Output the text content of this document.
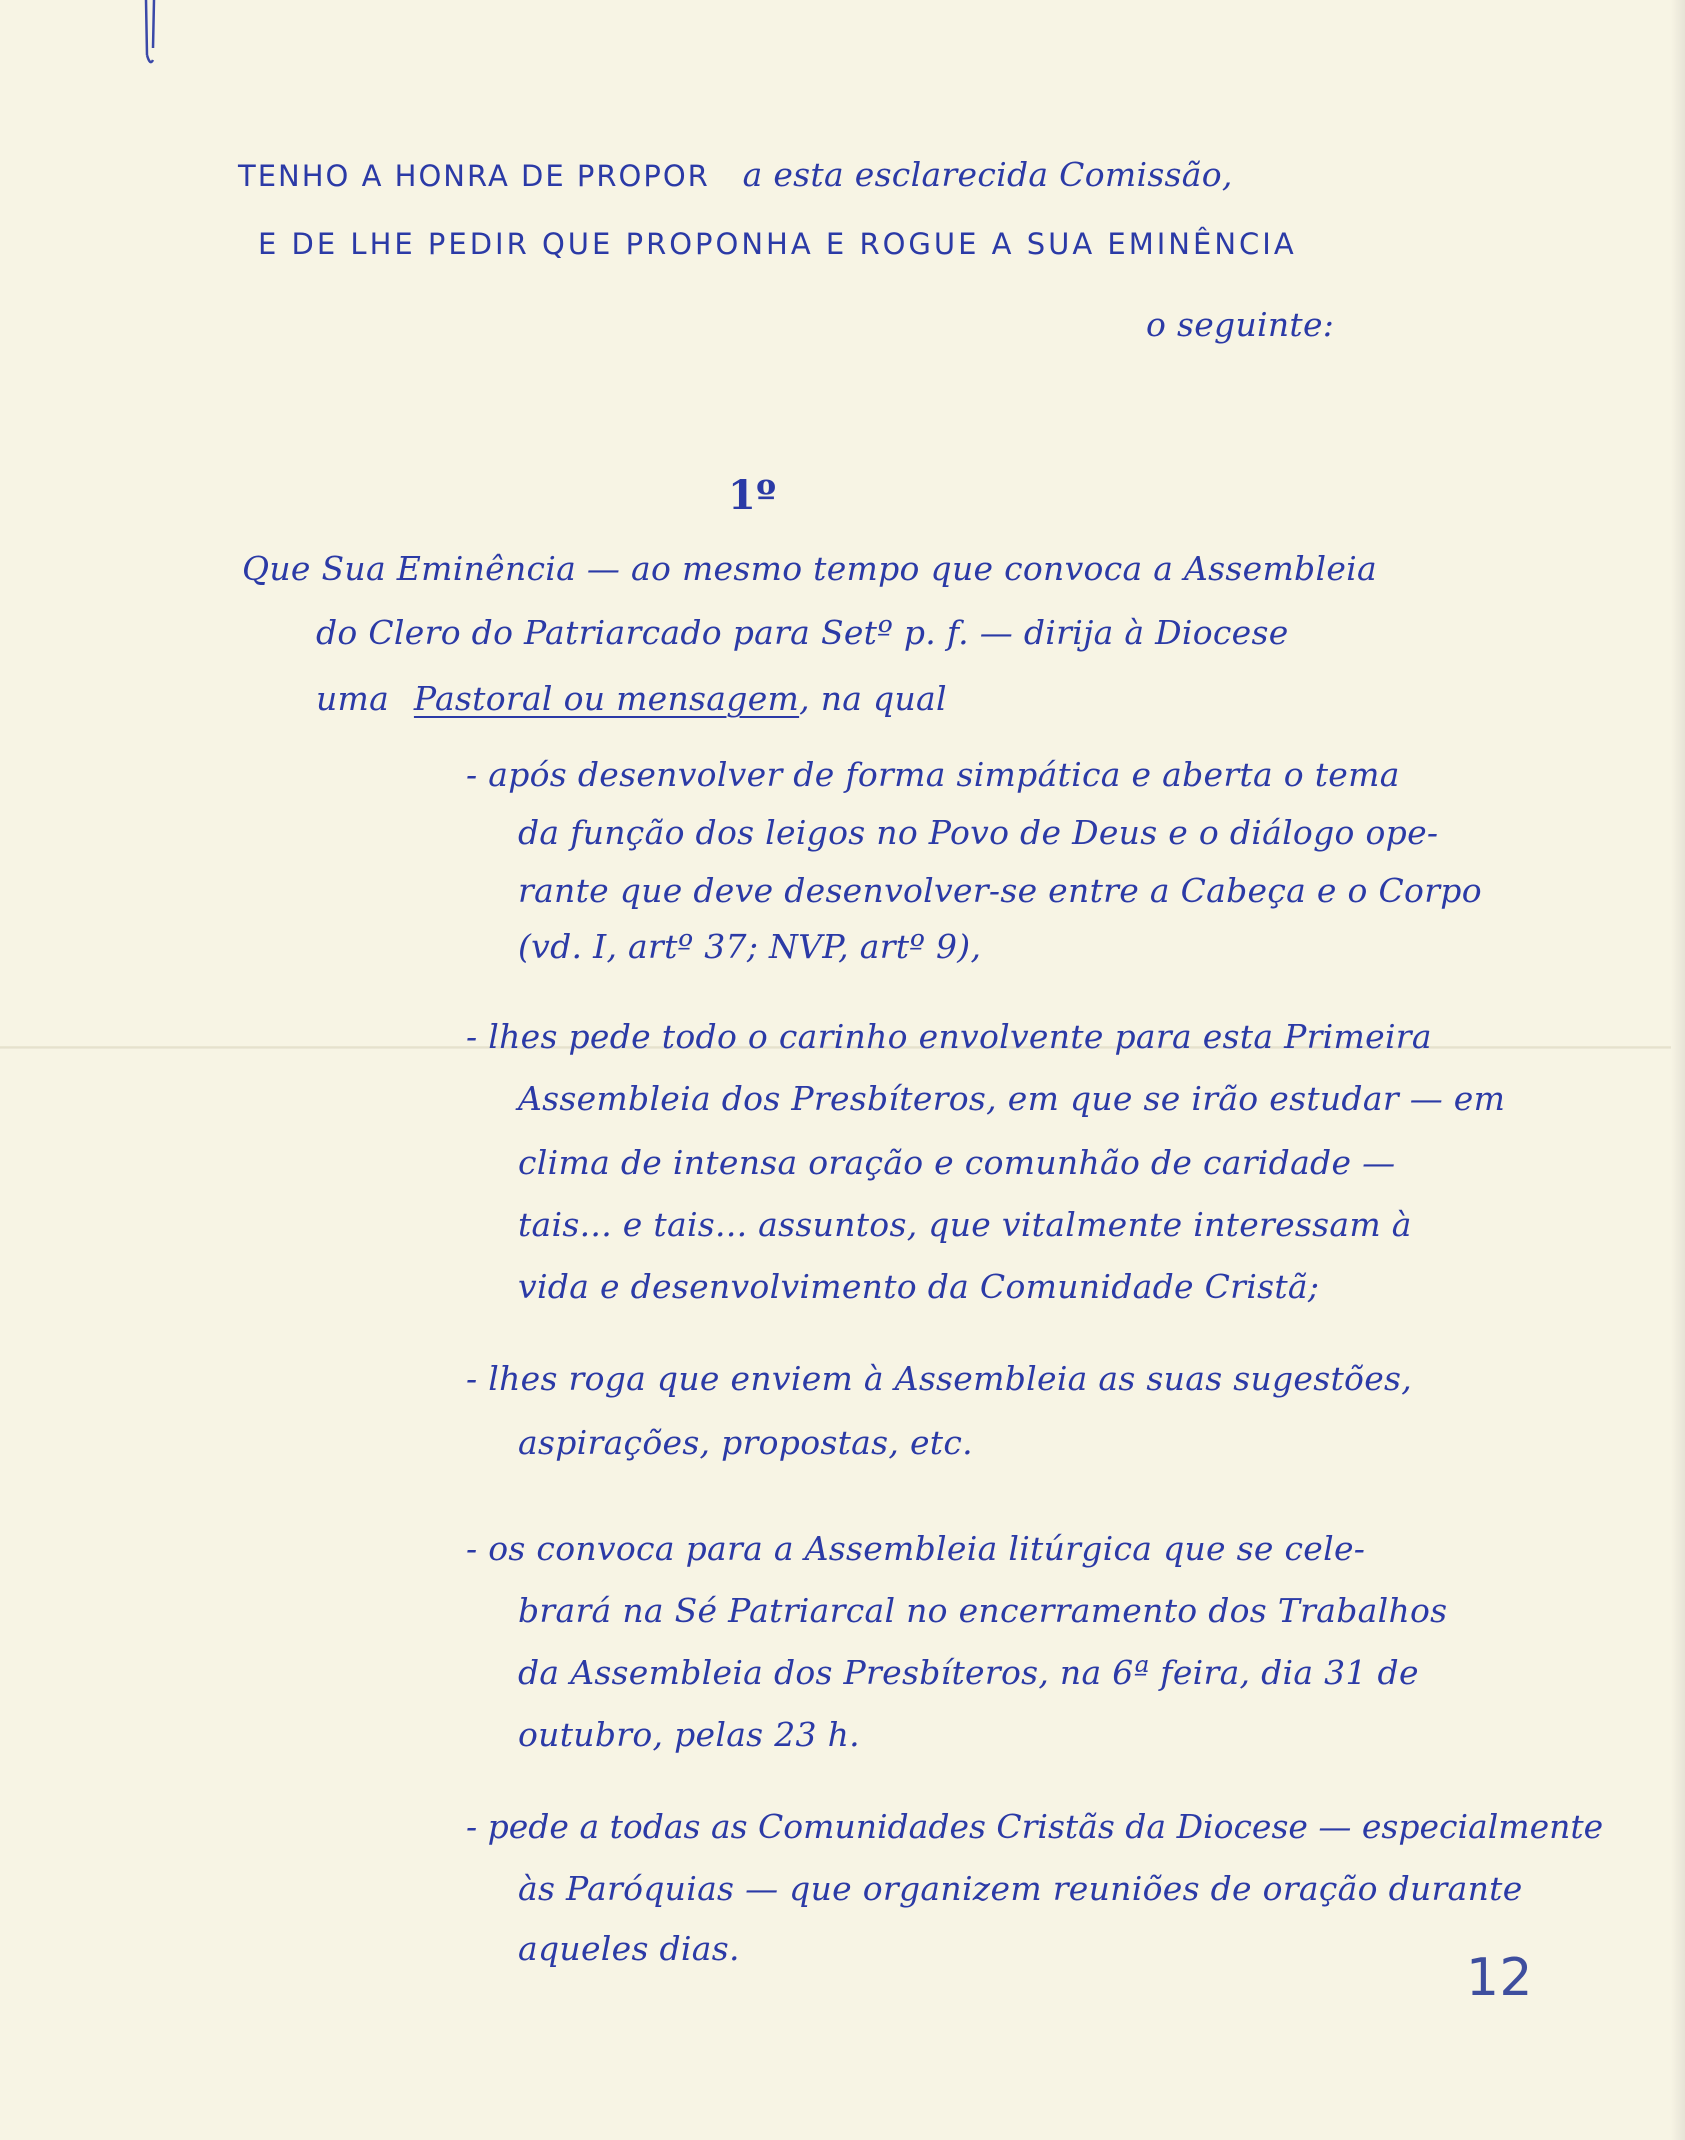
TENHO A HONRA DE PROPOR a esta esclarecida Comissão,

E DE LHE PEDIR QUE PROPONHA E ROGUE A SUA EMINÊNCIA

o seguinte:

1º

Que Sua Eminência — ao mesmo tempo que convoca a Assembleia

do Clero do Patriarcado para Setº p. f. — dirija à Diocese

uma Pastoral ou mensagem, na qual

- após desenvolver de forma simpática e aberta o tema

da função dos leigos no Povo de Deus e o diálogo ope-

rante que deve desenvolver-se entre a Cabeça e o Corpo

(vd. I, artº 37; NVP, artº 9),

- lhes pede todo o carinho envolvente para esta Primeira

Assembleia dos Presbíteros, em que se irão estudar — em

clima de intensa oração e comunhão de caridade —

tais... e tais... assuntos, que vitalmente interessam à

vida e desenvolvimento da Comunidade Cristã;

- lhes roga que enviem à Assembleia as suas sugestões,

aspirações, propostas, etc.

- os convoca para a Assembleia litúrgica que se cele-

brará na Sé Patriarcal no encerramento dos Trabalhos

da Assembleia dos Presbíteros, na 6ª feira, dia 31 de

outubro, pelas 23 h.

- pede a todas as Comunidades Cristãs da Diocese — especialmente

às Paróquias — que organizem reuniões de oração durante

aqueles dias.	12
